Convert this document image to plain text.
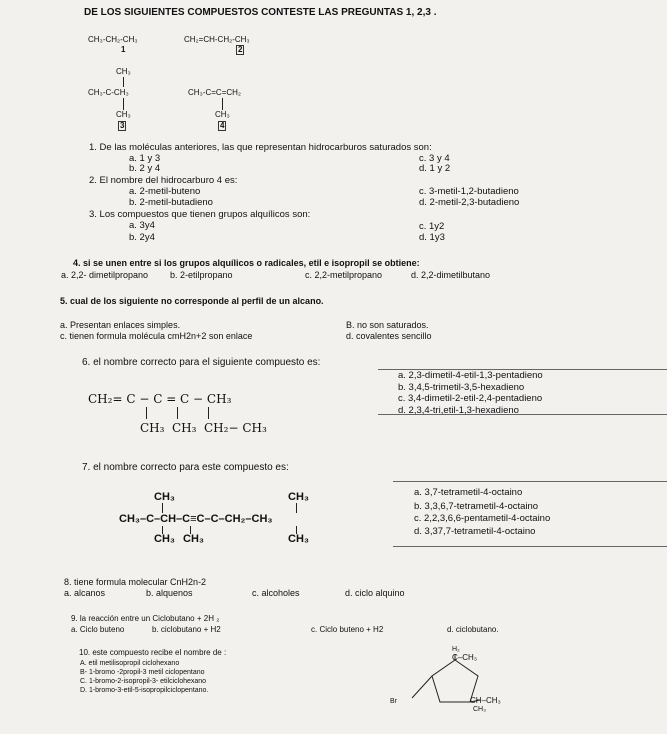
DE LOS SIGUIENTES COMPUESTOS CONTESTE LAS PREGUNTAS 1, 2,3 .
CH₃-CH₂-CH₃
1
CH₂=CH-CH₂-CH₃
2
CH₃
CH₃-C-CH₃
CH₃
3
CH₃-C=C=CH₂
CH₃
4
1. De las moléculas anteriores, las que representan hidrocarburos saturados son:
a. 1 y 3
b. 2 y 4
c. 3 y 4
d. 1 y 2
2. El nombre del hidrocarburo 4 es:
a. 2-metil-buteno
b. 2-metil-butadieno
c. 3-metil-1,2-butadieno
d. 2-metil-2,3-butadieno
3. Los compuestos que tienen grupos alquílicos son:
a. 3y4
b. 2y4
c. 1y2
d. 1y3
4. si se unen entre si los grupos alquílicos o radicales, etil e isopropil se obtiene:
a. 2,2- dimetilpropano b. 2-etilpropano	c. 2,2-metilpropano	d. 2,2-dimetilbutano
5. cual de los siguiente no corresponde al perfil de un alcano.
a. Presentan enlaces simples.	B. no son saturados.
c. tienen formula molécula cmH2n+2 son enlace	d. covalentes sencillo
6. el nombre correcto para el siguiente compuesto es:
a. 2,3-dimetil-4-etil-1,3-pentadieno
b. 3,4,5-trimetil-3,5-hexadieno
c. 3,4-dimetil-2-etil-2,4-pentadieno
d. 2,3,4-tri,etil-1,3-hexadieno
CH₂= C − C = C − CH₃
CH₃ CH₃ CH₂− CH₃
7. el nombre correcto para este compuesto es:
a. 3,7-tetrametil-4-octaino
b. 3,3,6,7-tetrametil-4-octaino
c. 2,2,3,6,6-pentametil-4-octaino
d. 3,37,7-tetrametil-4-octaino
CH₃	CH₃
CH₃–C–CH–C≡C–C–CH₂–CH₃
CH₃ CH₃	CH₃
8. tiene formula molecular CnH2n-2
a. alcanos	b. alquenos	c. alcoholes	d. ciclo alquino
9. la reacción entre un Ciclobutano + 2H ₂
a. Ciclo buteno	b. ciclobutano + H2	c. Ciclo buteno + H2	d. ciclobutano.
10. este compuesto recibe el nombre de :
A. etil metilisopropil ciclohexano
B- 1-bromo -2propil-3 metil ciclopentano
C. 1-bromo-2-isopropil-3- etilciclohexano
D. 1-bromo-3-etil-5-isopropilciclopentano.
H₂
C–CH₃
Br	CH–CH₃
CH₃
